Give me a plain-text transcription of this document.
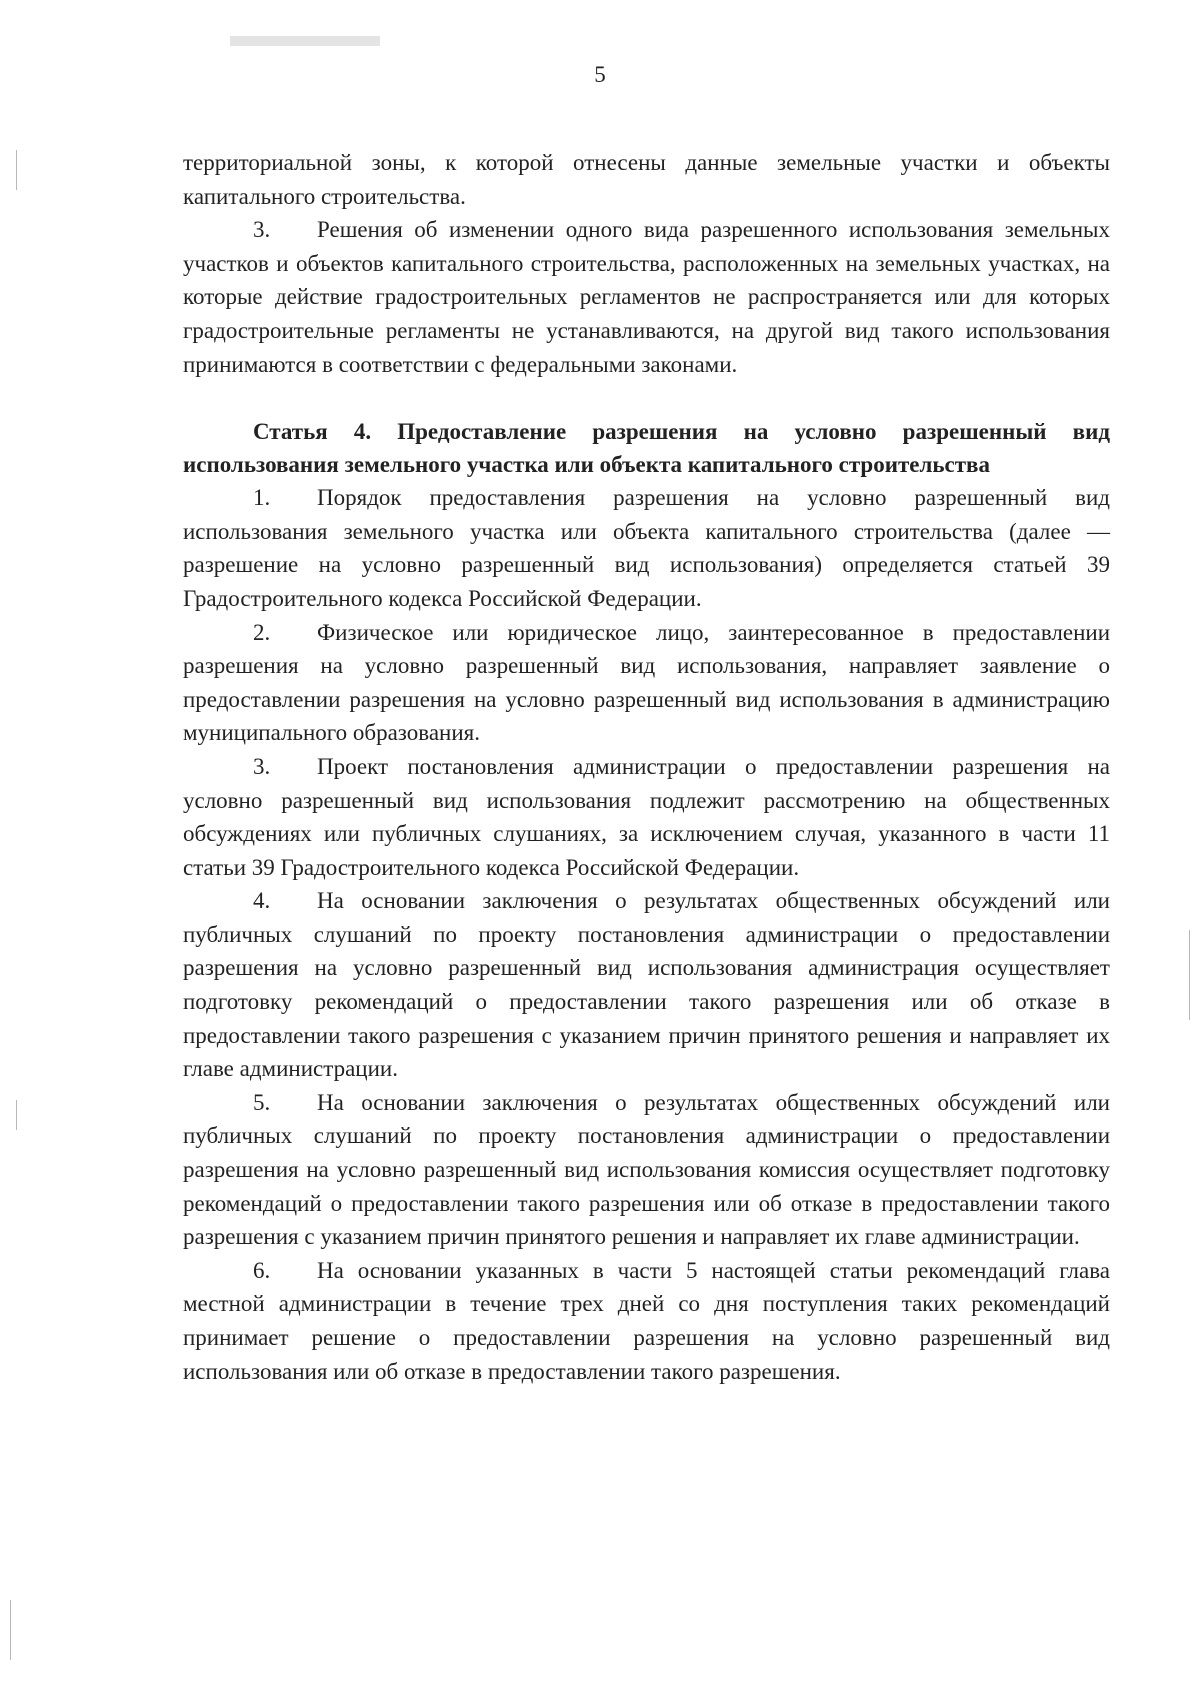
5

территориальной зоны, к которой отнесены данные земельные участки и объекты капитального строительства.

3. Решения об изменении одного вида разрешенного использования земельных участков и объектов капитального строительства, расположенных на земельных участках, на которые действие градостроительных регламентов не распространяется или для которых градостроительные регламенты не устанавливаются, на другой вид такого использования принимаются в соответствии с федеральными законами.

Статья 4. Предоставление разрешения на условно разрешенный вид использования земельного участка или объекта капитального строительства

1. Порядок предоставления разрешения на условно разрешенный вид использования земельного участка или объекта капитального строительства (далее — разрешение на условно разрешенный вид использования) определяется статьей 39 Градостроительного кодекса Российской Федерации.

2. Физическое или юридическое лицо, заинтересованное в предоставлении разрешения на условно разрешенный вид использования, направляет заявление о предоставлении разрешения на условно разрешенный вид использования в администрацию муниципального образования.

3. Проект постановления администрации о предоставлении разрешения на условно разрешенный вид использования подлежит рассмотрению на общественных обсуждениях или публичных слушаниях, за исключением случая, указанного в части 11 статьи 39 Градостроительного кодекса Российской Федерации.

4. На основании заключения о результатах общественных обсуждений или публичных слушаний по проекту постановления администрации о предоставлении разрешения на условно разрешенный вид использования администрация осуществляет подготовку рекомендаций о предоставлении такого разрешения или об отказе в предоставлении такого разрешения с указанием причин принятого решения и направляет их главе администрации.

5. На основании заключения о результатах общественных обсуждений или публичных слушаний по проекту постановления администрации о предоставлении разрешения на условно разрешенный вид использования комиссия осуществляет подготовку рекомендаций о предоставлении такого разрешения или об отказе в предоставлении такого разрешения с указанием причин принятого решения и направляет их главе администрации.

6. На основании указанных в части 5 настоящей статьи рекомендаций глава местной администрации в течение трех дней со дня поступления таких рекомендаций принимает решение о предоставлении разрешения на условно разрешенный вид использования или об отказе в предоставлении такого разрешения.
